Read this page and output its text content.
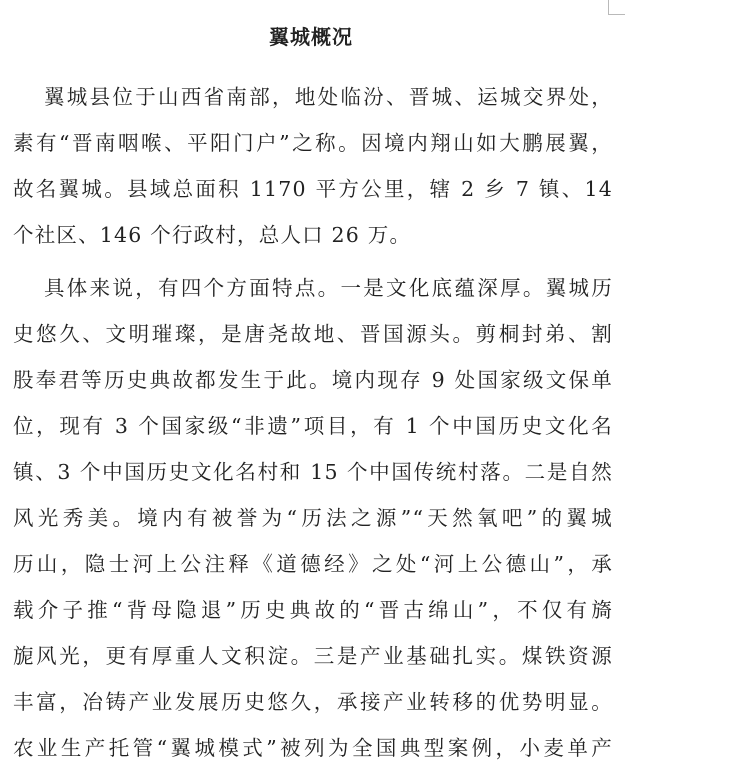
翼城概况
翼城县位于山西省南部，地处临汾、晋城、运城交界处，
素有“晋南咽喉、平阳门户”之称。因境内翔山如大鹏展翼，
故名翼城。县域总面积 1170 平方公里，辖 2 乡 7 镇、14
个社区、146 个行政村，总人口 26 万。
具体来说，有四个方面特点。一是文化底蕴深厚。翼城历
史悠久、文明璀璨，是唐尧故地、晋国源头。剪桐封弟、割
股奉君等历史典故都发生于此。境内现存 9 处国家级文保单
位，现有 3 个国家级“非遗”项目，有 1 个中国历史文化名
镇、3 个中国历史文化名村和 15 个中国传统村落。二是自然
风光秀美。境内有被誉为“历法之源”“天然氧吧”的翼城
历山，隐士河上公注释《道德经》之处“河上公德山”，承
载介子推“背母隐退”历史典故的“晋古绵山”，不仅有旖
旎风光，更有厚重人文积淀。三是产业基础扎实。煤铁资源
丰富，冶铸产业发展历史悠久，承接产业转移的优势明显。
农业生产托管“翼城模式”被列为全国典型案例，小麦单产
